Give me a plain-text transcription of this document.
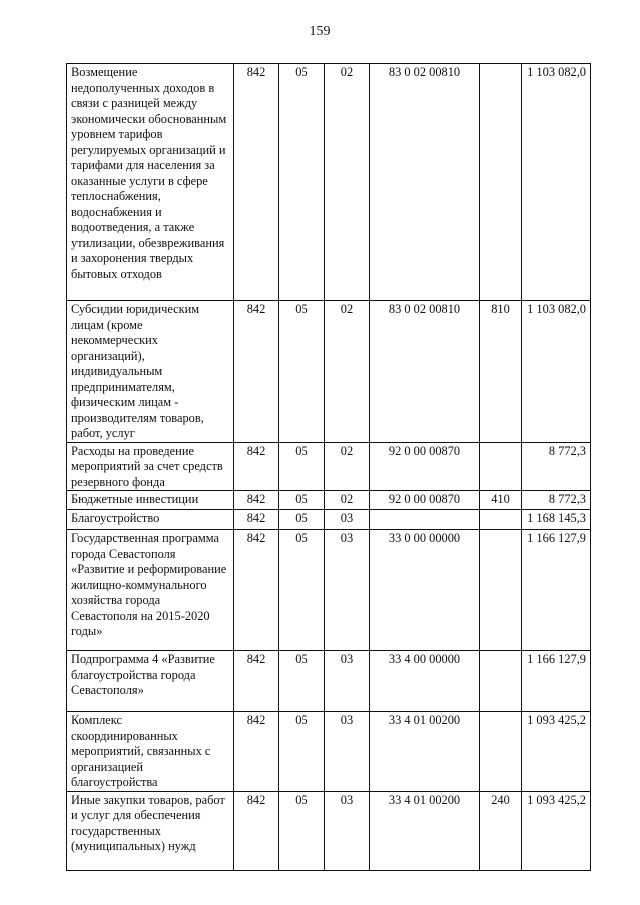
159
Возмещение недополученных доходов в связи с разницей между экономически обоснованным уровнем тарифов регулируемых организаций и тарифами для населения за оказанные услуги в сфере теплоснабжения, водоснабжения и водоотведения, а также утилизации, обезвреживания и захоронения твердых бытовых отходов	842	05	02	83 0 02 00810		1 103 082,0
Субсидии юридическим лицам (кроме некоммерческих организаций), индивидуальным предпринимателям, физическим лицам - производителям товаров, работ, услуг	842	05	02	83 0 02 00810	810	1 103 082,0
Расходы на проведение мероприятий за счет средств резервного фонда	842	05	02	92 0 00 00870		8 772,3
Бюджетные инвестиции	842	05	02	92 0 00 00870	410	8 772,3
Благоустройство	842	05	03			1 168 145,3
Государственная программа города Севастополя «Развитие и реформирование жилищно-коммунального хозяйства города Севастополя на 2015-2020 годы»	842	05	03	33 0 00 00000		1 166 127,9
Подпрограмма 4 «Развитие благоустройства города Севастополя»	842	05	03	33 4 00 00000		1 166 127,9
Комплекс скоординированных мероприятий, связанных с организацией благоустройства	842	05	03	33 4 01 00200		1 093 425,2
Иные закупки товаров, работ и услуг для обеспечения государственных (муниципальных) нужд	842	05	03	33 4 01 00200	240	1 093 425,2
